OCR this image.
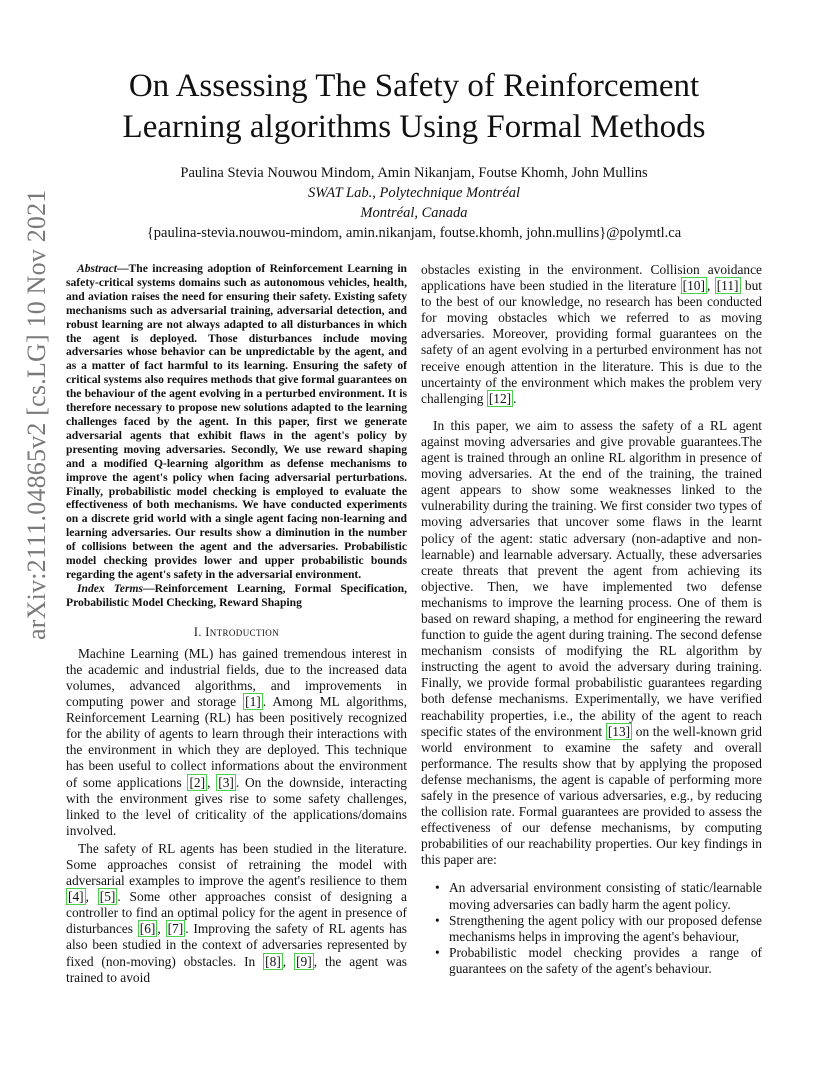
arXiv:2111.04865v2 [cs.LG] 10 Nov 2021
On Assessing The Safety of Reinforcement
Learning algorithms Using Formal Methods
Paulina Stevia Nouwou Mindom, Amin Nikanjam, Foutse Khomh, John Mullins
SWAT Lab., Polytechnique Montréal
Montréal, Canada
{paulina-stevia.nouwou-mindom, amin.nikanjam, foutse.khomh, john.mullins}@polymtl.ca

Abstract—The increasing adoption of Reinforcement Learning in safety-critical systems domains such as autonomous vehicles, health, and aviation raises the need for ensuring their safety. Existing safety mechanisms such as adversarial training, adversarial detection, and robust learning are not always adapted to all disturbances in which the agent is deployed. Those disturbances include moving adversaries whose behavior can be unpredictable by the agent, and as a matter of fact harmful to its learning. Ensuring the safety of critical systems also requires methods that give formal guarantees on the behaviour of the agent evolving in a perturbed environment. It is therefore necessary to propose new solutions adapted to the learning challenges faced by the agent. In this paper, first we generate adversarial agents that exhibit flaws in the agent's policy by presenting moving adversaries. Secondly, We use reward shaping and a modified Q-learning algorithm as defense mechanisms to improve the agent's policy when facing adversarial perturbations. Finally, probabilistic model checking is employed to evaluate the effectiveness of both mechanisms. We have conducted experiments on a discrete grid world with a single agent facing non-learning and learning adversaries. Our results show a diminution in the number of collisions between the agent and the adversaries. Probabilistic model checking provides lower and upper probabilistic bounds regarding the agent's safety in the adversarial environment.

Index Terms—Reinforcement Learning, Formal Specification, Probabilistic Model Checking, Reward Shaping

I. Introduction

Machine Learning (ML) has gained tremendous interest in the academic and industrial fields, due to the increased data volumes, advanced algorithms, and improvements in computing power and storage [1] . Among ML algorithms, Reinforcement Learning (RL) has been positively recognized for the ability of agents to learn through their interactions with the environment in which they are deployed. This technique has been useful to collect informations about the environment of some applications [2] , [3] . On the downside, interacting with the environment gives rise to some safety challenges, linked to the level of criticality of the applications/domains involved.

The safety of RL agents has been studied in the literature. Some approaches consist of retraining the model with adversarial examples to improve the agent's resilience to them [4] , [5] . Some other approaches consist of designing a controller to find an optimal policy for the agent in presence of disturbances [6] , [7] . Improving the safety of RL agents has also been studied in the context of adversaries represented by fixed (non-moving) obstacles. In [8] , [9] , the agent was trained to avoid

obstacles existing in the environment. Collision avoidance applications have been studied in the literature [10] , [11] but to the best of our knowledge, no research has been conducted for moving obstacles which we referred to as moving adversaries. Moreover, providing formal guarantees on the safety of an agent evolving in a perturbed environment has not receive enough attention in the literature. This is due to the uncertainty of the environment which makes the problem very challenging [12] .

In this paper, we aim to assess the safety of a RL agent against moving adversaries and give provable guarantees.The agent is trained through an online RL algorithm in presence of moving adversaries. At the end of the training, the trained agent appears to show some weaknesses linked to the vulnerability during the training. We first consider two types of moving adversaries that uncover some flaws in the learnt policy of the agent: static adversary (non-adaptive and non-learnable) and learnable adversary. Actually, these adversaries create threats that prevent the agent from achieving its objective. Then, we have implemented two defense mechanisms to improve the learning process. One of them is based on reward shaping, a method for engineering the reward function to guide the agent during training. The second defense mechanism consists of modifying the RL algorithm by instructing the agent to avoid the adversary during training. Finally, we provide formal probabilistic guarantees regarding both defense mechanisms. Experimentally, we have verified reachability properties, i.e., the ability of the agent to reach specific states of the environment [13] on the well-known grid world environment to examine the safety and overall performance. The results show that by applying the proposed defense mechanisms, the agent is capable of performing more safely in the presence of various adversaries, e.g., by reducing the collision rate. Formal guarantees are provided to assess the effectiveness of our defense mechanisms, by computing probabilities of our reachability properties. Our key findings in this paper are:

• An adversarial environment consisting of static/learnable moving adversaries can badly harm the agent policy.
• Strengthening the agent policy with our proposed defense mechanisms helps in improving the agent's behaviour,
• Probabilistic model checking provides a range of guarantees on the safety of the agent's behaviour.
